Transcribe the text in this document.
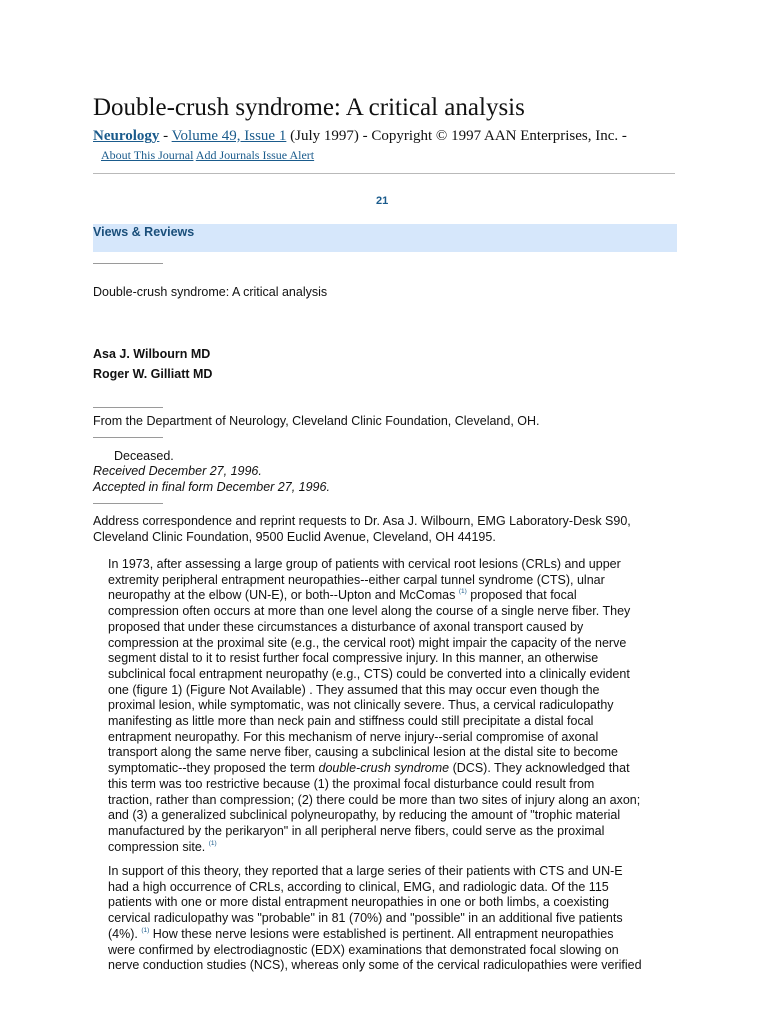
Double-crush syndrome: A critical analysis
Neurology - Volume 49, Issue 1 (July 1997) - Copyright © 1997 AAN Enterprises, Inc. -
About This Journal Add Journals Issue Alert
21
Views & Reviews
Double-crush syndrome: A critical analysis
Asa J. Wilbourn MD
Roger W. Gilliatt MD
From the Department of Neurology, Cleveland Clinic Foundation, Cleveland, OH.
Deceased.
Received December 27, 1996.
Accepted in final form December 27, 1996.
Address correspondence and reprint requests to Dr. Asa J. Wilbourn, EMG Laboratory-Desk S90,
Cleveland Clinic Foundation, 9500 Euclid Avenue, Cleveland, OH 44195.
In 1973, after assessing a large group of patients with cervical root lesions (CRLs) and upper
extremity peripheral entrapment neuropathies--either carpal tunnel syndrome (CTS), ulnar
neuropathy at the elbow (UN-E), or both--Upton and McComas $^{(1)}$ proposed that focal
compression often occurs at more than one level along the course of a single nerve fiber. They
proposed that under these circumstances a disturbance of axonal transport caused by
compression at the proximal site (e.g., the cervical root) might impair the capacity of the nerve
segment distal to it to resist further focal compressive injury. In this manner, an otherwise
subclinical focal entrapment neuropathy (e.g., CTS) could be converted into a clinically evident
one (figure 1) (Figure Not Available) . They assumed that this may occur even though the
proximal lesion, while symptomatic, was not clinically severe. Thus, a cervical radiculopathy
manifesting as little more than neck pain and stiffness could still precipitate a distal focal
entrapment neuropathy. For this mechanism of nerve injury--serial compromise of axonal
transport along the same nerve fiber, causing a subclinical lesion at the distal site to become
symptomatic--they proposed the term double-crush syndrome (DCS). They acknowledged that
this term was too restrictive because (1) the proximal focal disturbance could result from
traction, rather than compression; (2) there could be more than two sites of injury along an axon;
and (3) a generalized subclinical polyneuropathy, by reducing the amount of "trophic material
manufactured by the perikaryon" in all peripheral nerve fibers, could serve as the proximal
compression site. $^{(1)}$
In support of this theory, they reported that a large series of their patients with CTS and UN-E
had a high occurrence of CRLs, according to clinical, EMG, and radiologic data. Of the 115
patients with one or more distal entrapment neuropathies in one or both limbs, a coexisting
cervical radiculopathy was "probable" in 81 (70%) and "possible" in an additional five patients
(4%). $^{(1)}$ How these nerve lesions were established is pertinent. All entrapment neuropathies
were confirmed by electrodiagnostic (EDX) examinations that demonstrated focal slowing on
nerve conduction studies (NCS), whereas only some of the cervical radiculopathies were verified
